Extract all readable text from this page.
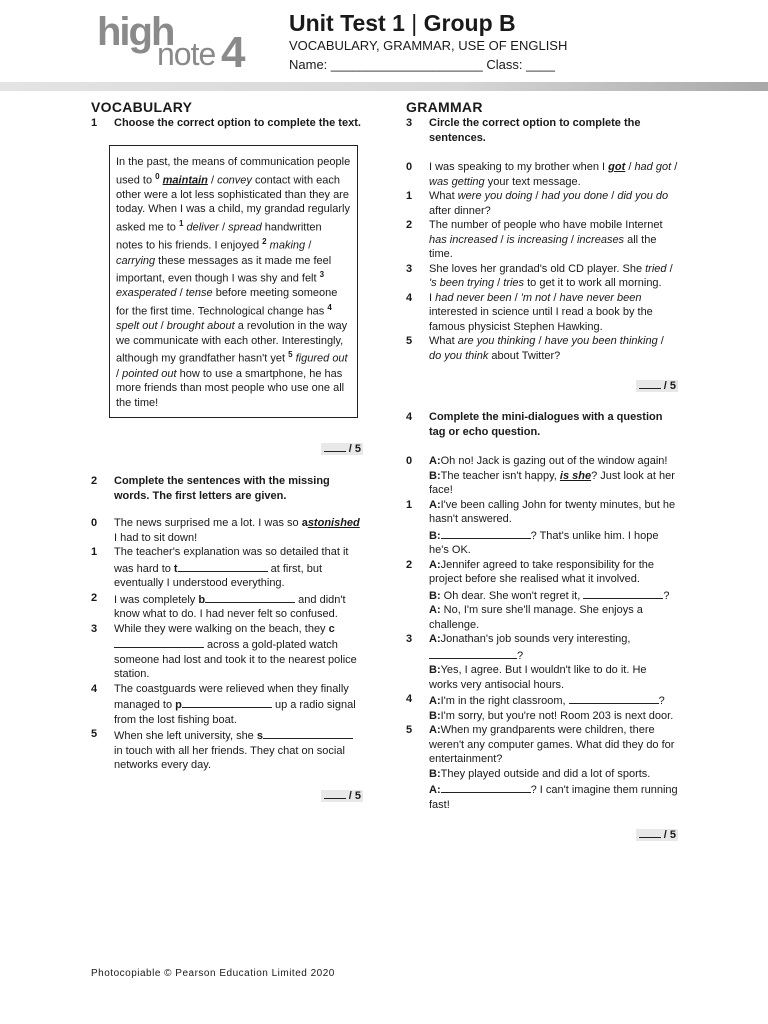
high
note 4
Unit Test 1 | Group B
VOCABULARY, GRAMMAR, USE OF ENGLISH
Name: _____________________ Class: ____
VOCABULARY
1 Choose the correct option to complete the text.
In the past, the means of communication people used to $^0$ maintain / convey contact with each other were a lot less sophisticated than they are today. When I was a child, my grandad regularly asked me to $^1$ deliver / spread handwritten notes to his friends. I enjoyed $^2$ making / carrying these messages as it made me feel important, even though I was shy and felt $^3$ exasperated / tense before meeting someone for the first time. Technological change has $^4$ spelt out / brought about a revolution in the way we communicate with each other. Interestingly, although my grandfather hasn't yet $^5$ figured out / pointed out how to use a smartphone, he has more friends than most people who use one all the time!
/ 5
2 Complete the sentences with the missing words. The first letters are given.
0 The news surprised me a lot. I was so astonished I had to sit down!
1 The teacher's explanation was so detailed that it was hard to t	at first, but eventually I understood everything.
2 I was completely b	and didn't know what to do. I had never felt so confused.
3 While they were walking on the beach, they c across a gold-plated watch someone had lost and took it to the nearest police station.
4 The coastguards were relieved when they finally managed to p	up a radio signal from the lost fishing boat.
5 When she left university, she s in touch with all her friends. They chat on social networks every day.
/ 5
GRAMMAR
3 Circle the correct option to complete the sentences.
0 I was speaking to my brother when I got / had got / was getting your text message.
1 What were you doing / had you done / did you do after dinner?
2 The number of people who have mobile Internet has increased / is increasing / increases all the time.
3 She loves her grandad's old CD player. She tried / 's been trying / tries to get it to work all morning.
4 I had never been / 'm not / have never been interested in science until I read a book by the famous physicist Stephen Hawking.
5 What are you thinking / have you been thinking / do you think about Twitter?
/ 5
4 Complete the mini-dialogues with a question tag or echo question.
0 A:Oh no! Jack is gazing out of the window again!
B:The teacher isn't happy, is she? Just look at her face!
1 A:I've been calling John for twenty minutes, but he hasn't answered.
B:	? That's unlike him. I hope he's OK.
2 A:Jennifer agreed to take responsibility for the project before she realised what it involved.
B: Oh dear. She won't regret it,	?
A: No, I'm sure she'll manage. She enjoys a challenge.
3 A:Jonathan's job sounds very interesting, ?
B:Yes, I agree. But I wouldn't like to do it. He works very antisocial hours.
4 A:I'm in the right classroom,	?
B:I'm sorry, but you're not! Room 203 is next door.
5 A:When my grandparents were children, there weren't any computer games. What did they do for entertainment?
B:They played outside and did a lot of sports.
A:	? I can't imagine them running fast!
/ 5
Photocopiable © Pearson Education Limited 2020
